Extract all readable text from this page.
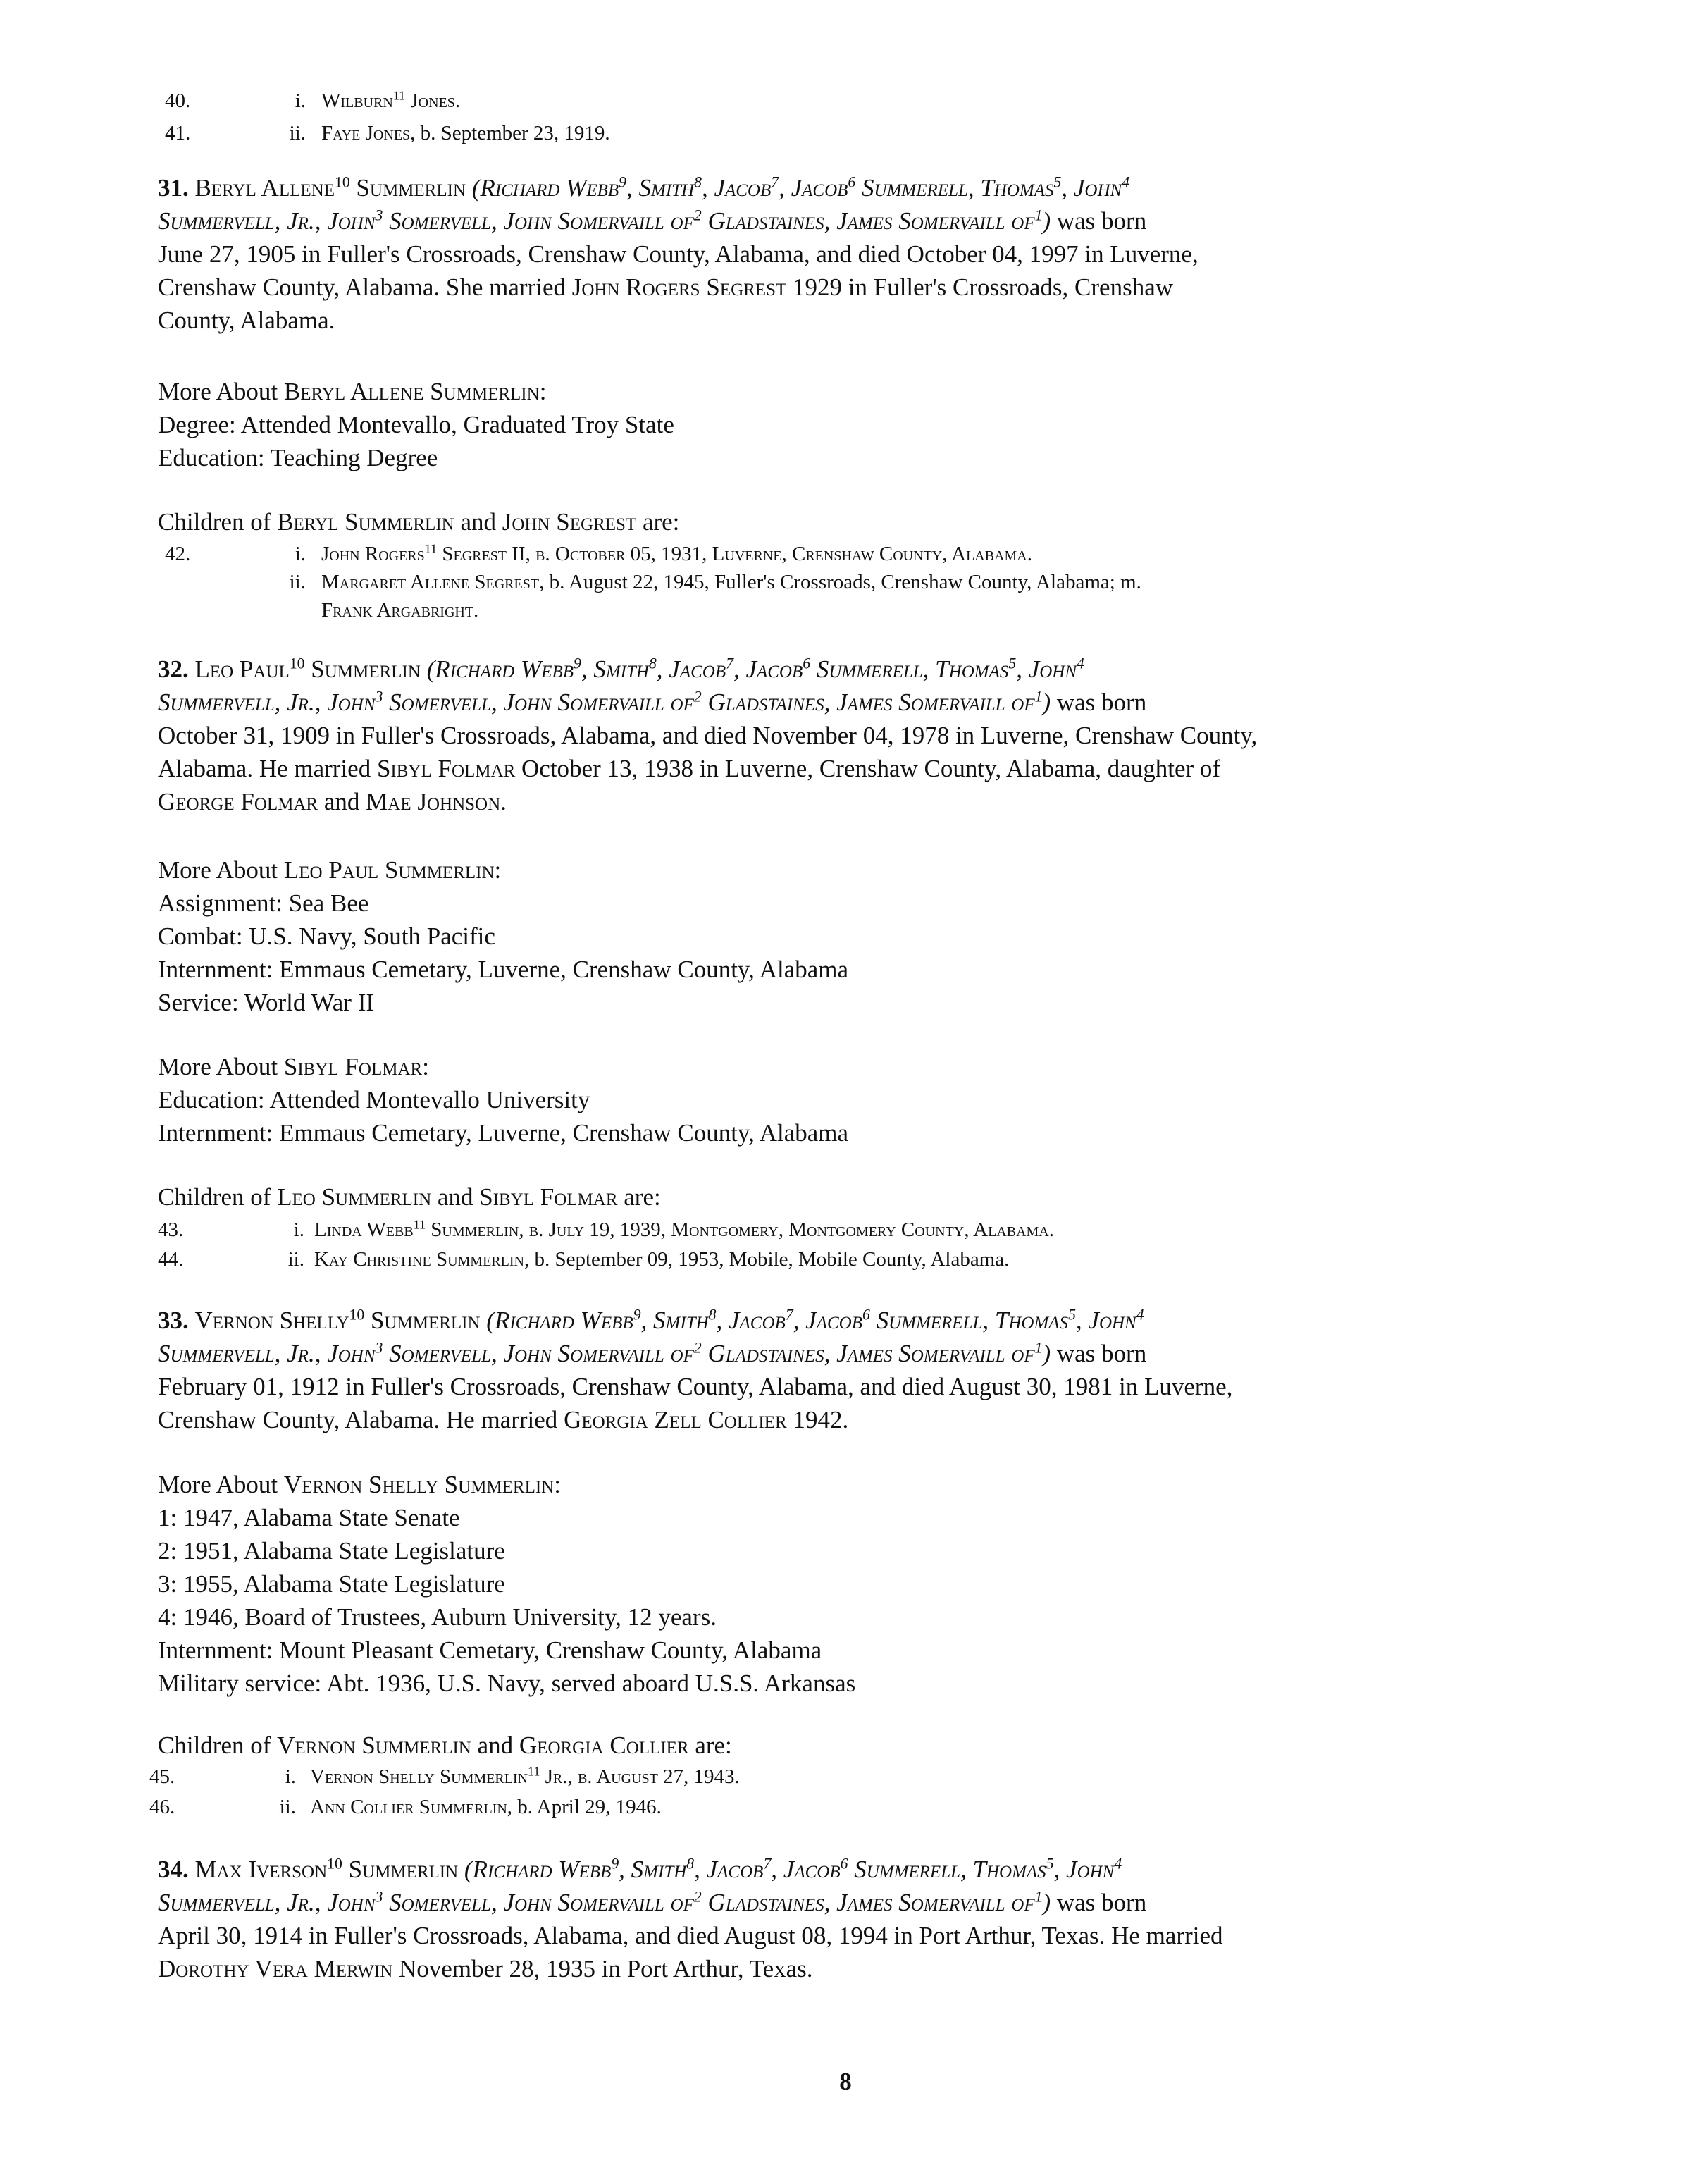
40.	i. Wilburn$^{11}$ Jones.
41.	ii. Faye Jones, b. September 23, 1919.
31. Beryl Allene$^{10}$ Summerlin (Richard Webb$^9$, Smith$^8$, Jacob$^7$, Jacob$^6$ Summerell, Thomas$^5$, John$^4$
Summervell, Jr., John$^3$ Somervell, John Somervaill $of^2$ Gladstaines, James Somervaill $of^1$) was born
June 27, 1905 in Fuller's Crossroads, Crenshaw County, Alabama, and died October 04, 1997 in Luverne,
Crenshaw County, Alabama. She married John Rogers Segrest 1929 in Fuller's Crossroads, Crenshaw
County, Alabama.
More About Beryl Allene Summerlin:
Degree: Attended Montevallo, Graduated Troy State
Education: Teaching Degree
Children of Beryl Summerlin and John Segrest are:
42.	i. John Rogers$^{11}$ Segrest II, b. October 05, 1931, Luverne, Crenshaw County, Alabama.
ii. Margaret Allene Segrest, b. August 22, 1945, Fuller's Crossroads, Crenshaw County, Alabama; m.
Frank Argabright.
32. Leo Paul$^{10}$ Summerlin (Richard Webb$^9$, Smith$^8$, Jacob$^7$, Jacob$^6$ Summerell, Thomas$^5$, John$^4$
Summervell, Jr., John$^3$ Somervell, John Somervaill $of^2$ Gladstaines, James Somervaill $of^1$) was born
October 31, 1909 in Fuller's Crossroads, Alabama, and died November 04, 1978 in Luverne, Crenshaw County,
Alabama. He married Sibyl Folmar October 13, 1938 in Luverne, Crenshaw County, Alabama, daughter of
George Folmar and Mae Johnson.
More About Leo Paul Summerlin:
Assignment: Sea Bee
Combat: U.S. Navy, South Pacific
Internment: Emmaus Cemetary, Luverne, Crenshaw County, Alabama
Service: World War II
More About Sibyl Folmar:
Education: Attended Montevallo University
Internment: Emmaus Cemetary, Luverne, Crenshaw County, Alabama
Children of Leo Summerlin and Sibyl Folmar are:
43.	i. Linda Webb$^{11}$ Summerlin, b. July 19, 1939, Montgomery, Montgomery County, Alabama.
44.	ii. Kay Christine Summerlin, b. September 09, 1953, Mobile, Mobile County, Alabama.
33. Vernon Shelly$^{10}$ Summerlin (Richard Webb$^9$, Smith$^8$, Jacob$^7$, Jacob$^6$ Summerell, Thomas$^5$, John$^4$
Summervell, Jr., John$^3$ Somervell, John Somervaill $of^2$ Gladstaines, James Somervaill $of^1$) was born
February 01, 1912 in Fuller's Crossroads, Crenshaw County, Alabama, and died August 30, 1981 in Luverne,
Crenshaw County, Alabama. He married Georgia Zell Collier 1942.
More About Vernon Shelly Summerlin:
1: 1947, Alabama State Senate
2: 1951, Alabama State Legislature
3: 1955, Alabama State Legislature
4: 1946, Board of Trustees, Auburn University, 12 years.
Internment: Mount Pleasant Cemetary, Crenshaw County, Alabama
Military service: Abt. 1936, U.S. Navy, served aboard U.S.S. Arkansas
Children of Vernon Summerlin and Georgia Collier are:
45.	i. Vernon Shelly Summerlin$^{11}$ Jr., b. August 27, 1943.
46.	ii. Ann Collier Summerlin, b. April 29, 1946.
34. Max Iverson$^{10}$ Summerlin (Richard Webb$^9$, Smith$^8$, Jacob$^7$, Jacob$^6$ Summerell, Thomas$^5$, John$^4$
Summervell, Jr., John$^3$ Somervell, John Somervaill $of^2$ Gladstaines, James Somervaill $of^1$) was born
April 30, 1914 in Fuller's Crossroads, Alabama, and died August 08, 1994 in Port Arthur, Texas. He married
Dorothy Vera Merwin November 28, 1935 in Port Arthur, Texas.
8
